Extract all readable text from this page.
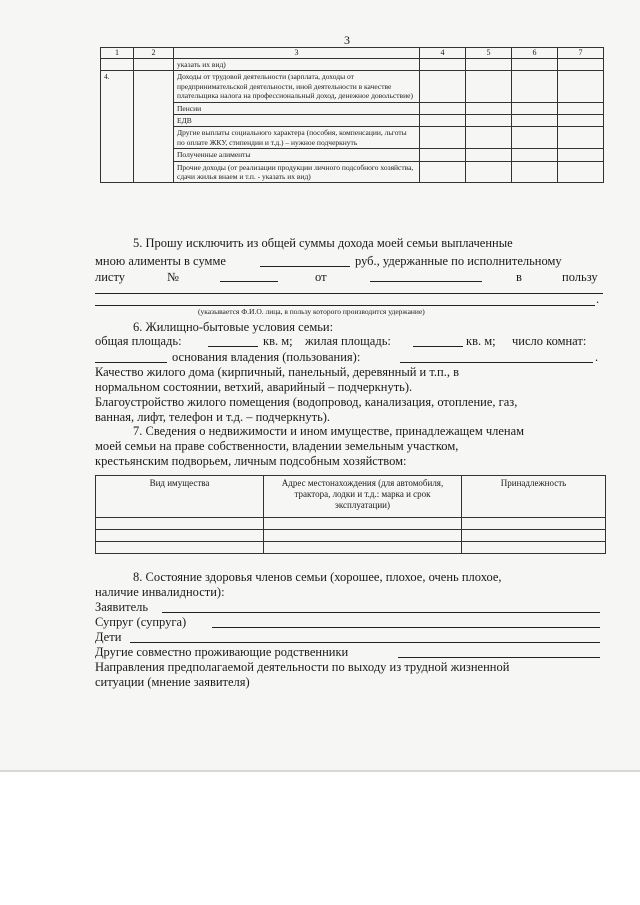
3
1	2	3	4	5	6	7
		указать их вид)				
4.		Доходы от трудовой деятельности (зарплата, доходы от предпринимательской деятельности, иной деятельности в качестве плательщика налога на профессиональный доход, денежное довольствие)				
		Пенсии				
		ЕДВ				
		Другие выплаты социального характера (пособия, компенсации, льготы по оплате ЖКУ, стипендии и т.д.) – нужное подчеркнуть				
		Полученные алименты				
		Прочие доходы (от реализации продукции личного подсобного хозяйства, сдачи жилья внаем и т.п. - указать их вид)				
5. Прошу исключить из общей суммы дохода моей семьи выплаченные
мною алименты в сумме	руб., удержанные по исполнительному
листу	№	от	в	пользу
.
(указывается Ф.И.О. лица, в пользу которого производится удержание)
6. Жилищно-бытовые условия семьи:
общая площадь:	кв. м; жилая площадь:	кв. м; число комнат:
основания владения (пользования):	.
Качество жилого дома (кирпичный, панельный, деревянный и т.п., в
нормальном состоянии, ветхий, аварийный – подчеркнуть).
Благоустройство жилого помещения (водопровод, канализация, отопление, газ,
ванная, лифт, телефон и т.д. – подчеркнуть).
7. Сведения о недвижимости и ином имуществе, принадлежащем членам
моей семьи на праве собственности, владении земельным участком,
крестьянским подворьем, личным подсобным хозяйством:
Вид имущества	Адрес местонахождения (для автомобиля, трактора, лодки и т.д.: марка и срок эксплуатации)	Принадлежность

8. Состояние здоровья членов семьи (хорошее, плохое, очень плохое,
наличие инвалидности):
Заявитель
Супруг (супруга)
Дети
Другие совместно проживающие родственники
Направления предполагаемой деятельности по выходу из трудной жизненной
ситуации (мнение заявителя)
